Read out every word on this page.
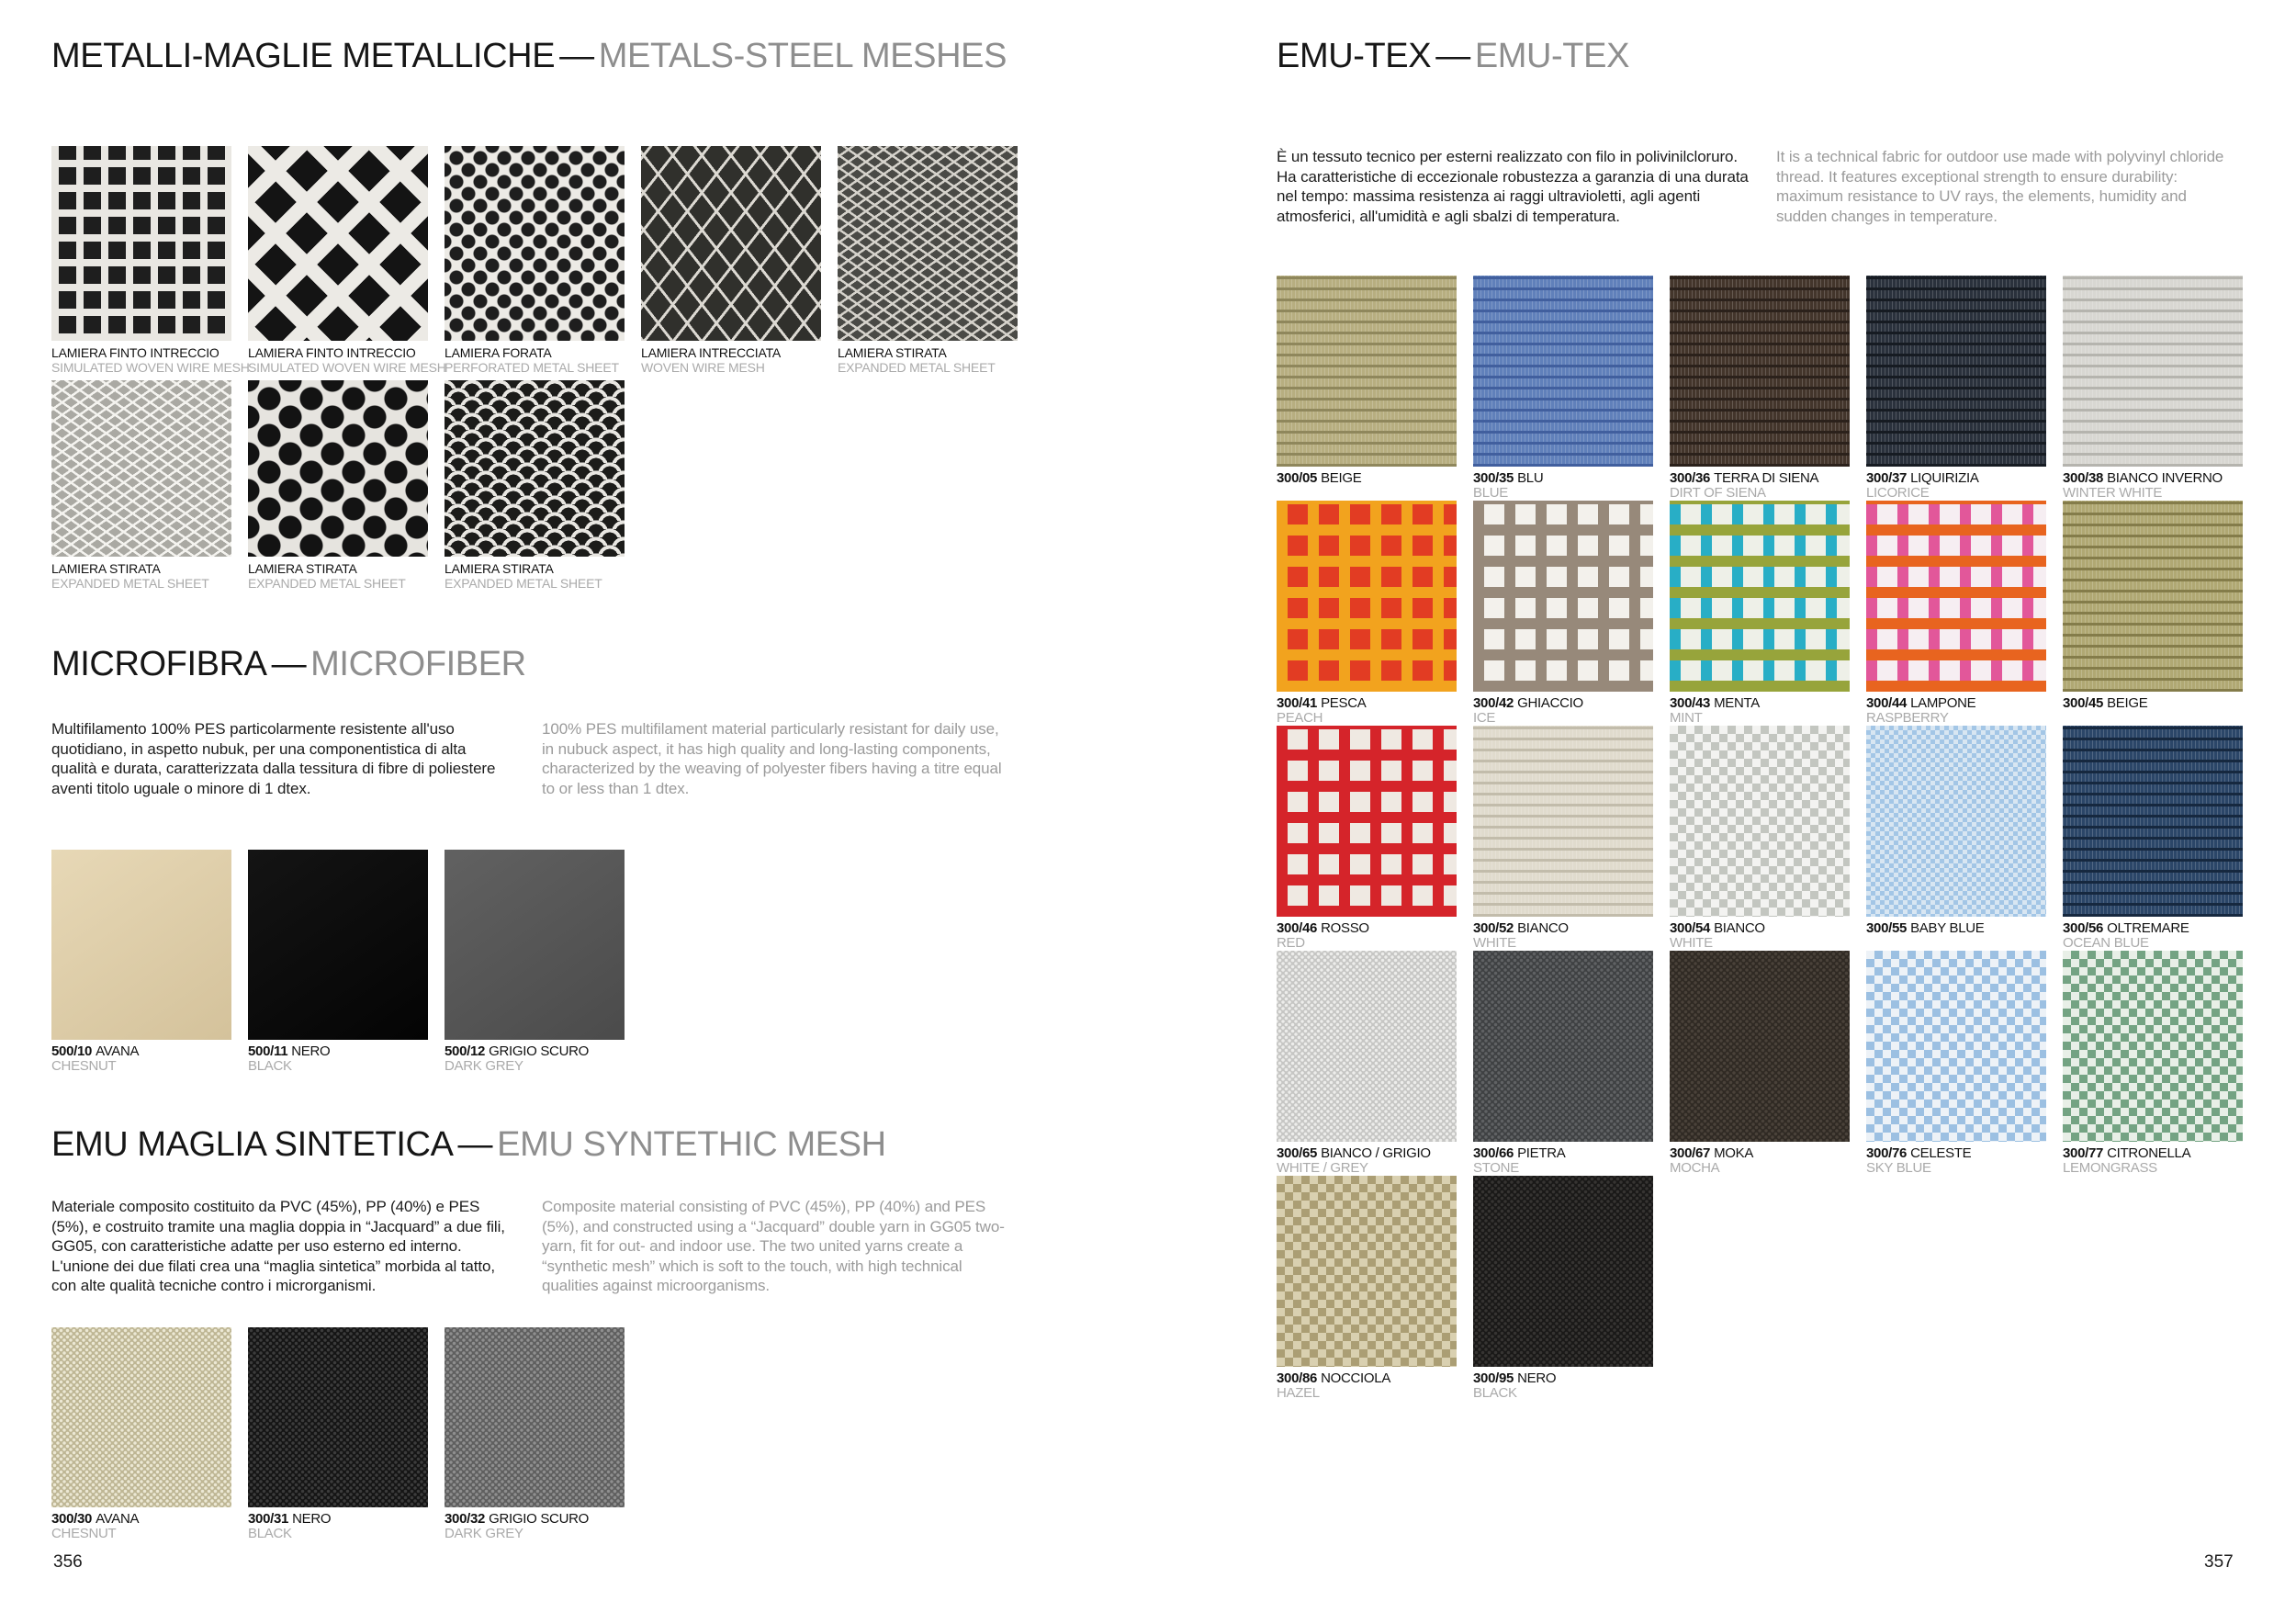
METALLI-MAGLIE METALLICHE — METALS-STEEL MESHES
LAMIERA FINTO INTRECCIO
SIMULATED WOVEN WIRE MESH
LAMIERA FINTO INTRECCIO
SIMULATED WOVEN WIRE MESH
LAMIERA FORATA
PERFORATED METAL SHEET
LAMIERA INTRECCIATA
WOVEN WIRE MESH
LAMIERA STIRATA
EXPANDED METAL SHEET
LAMIERA STIRATA
EXPANDED METAL SHEET
LAMIERA STIRATA
EXPANDED METAL SHEET
LAMIERA STIRATA
EXPANDED METAL SHEET
MICROFIBRA — MICROFIBER

Multifilamento 100% PES particolarmente resistente all'uso quotidiano, in aspetto nubuk, per una componentistica di alta qualità e durata, caratterizzata dalla tessitura di fibre di poliestere aventi titolo uguale o minore di 1 dtex.

100% PES multifilament material particularly resistant for daily use, in nubuck aspect, it has high quality and long-lasting components, characterized by the weaving of polyester fibers having a titre equal to or less than 1 dtex.

500/10 AVANA
CHESNUT
500/11 NERO
BLACK
500/12 GRIGIO SCURO
DARK GREY
EMU MAGLIA SINTETICA — EMU SYNTETHIC MESH

Materiale composito costituito da PVC (45%), PP (40%) e PES (5%), e costruito tramite una maglia doppia in “Jacquard” a due fili, GG05, con caratteristiche adatte per uso esterno ed interno. L'unione dei due filati crea una “maglia sintetica” morbida al tatto, con alte qualità tecniche contro i microrganismi.

Composite material consisting of PVC (45%), PP (40%) and PES (5%), and constructed using a “Jacquard” double yarn in GG05 two-yarn, fit for out- and indoor use. The two united yarns create a “synthetic mesh” which is soft to the touch, with high technical qualities against microorganisms.

300/30 AVANA
CHESNUT
300/31 NERO
BLACK
300/32 GRIGIO SCURO
DARK GREY
356
EMU-TEX — EMU-TEX

È un tessuto tecnico per esterni realizzato con filo in polivinilcloruro. Ha caratteristiche di eccezionale robustezza a garanzia di una durata nel tempo: massima resistenza ai raggi ultravioletti, agli agenti atmosferici, all'umidità e agli sbalzi di temperatura.

It is a technical fabric for outdoor use made with polyvinyl chloride thread. It features exceptional strength to ensure durability: maximum resistance to UV rays, the elements, humidity and sudden changes in temperature.

300/05 BEIGE	300/35 BLU
BLUE
300/36 TERRA DI SIENA
DIRT OF SIENA
300/37 LIQUIRIZIA
LICORICE
300/38 BIANCO INVERNO
WINTER WHITE
300/41 PESCA
PEACH
300/42 GHIACCIO
ICE
300/43 MENTA
MINT
300/44 LAMPONE
RASPBERRY
300/45 BEIGE
300/46 ROSSO
RED
300/52 BIANCO
WHITE
300/54 BIANCO
WHITE
300/55 BABY BLUE	300/56 OLTREMARE
OCEAN BLUE
300/65 BIANCO / GRIGIO
WHITE / GREY
300/66 PIETRA
STONE
300/67 MOKA
MOCHA
300/76 CELESTE
SKY BLUE
300/77 CITRONELLA
LEMONGRASS
300/86 NOCCIOLA
HAZEL
300/95 NERO
BLACK
357
